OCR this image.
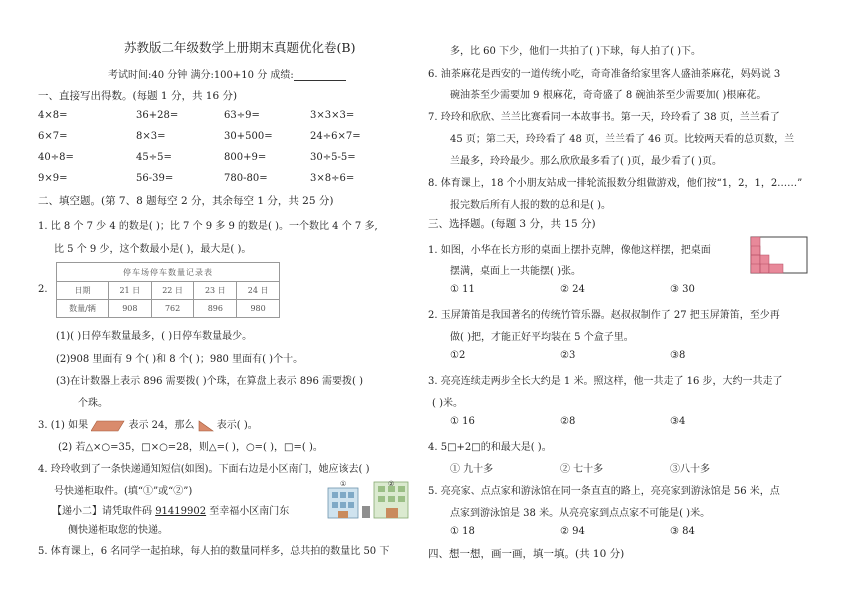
苏教版二年级数学上册期末真题优化卷(B)
考试时间:40 分钟 满分:100+10 分 成绩:
一、直接写出得数。(每题 1 分，共 16 分)
4×8=	36+28=	63÷9=	3×3×3=
6×7=	8×3=	30+500=	24÷6×7=
40÷8=	45÷5=	800+9=	30÷5-5=
9×9=	56-39=	780-80=	3×8÷6=
二、填空题。(第 7、8 题每空 2 分，其余每空 1 分，共 25 分)
1. 比 8 个 7 少 4 的数是( )；比 7 个 9 多 9 的数是( )。一个数比 4 个 7 多,
比 5 个 9 少，这个数最小是( )，最大是( )。
2.
停车场停车数量记录表				
日期	21 日	22 日	23 日	24 日
数量/辆	908	762	896	980
(1)( )日停车数量最多，( )日停车数量最少。
(2)908 里面有 9 个( )和 8 个( )；980 里面有( )个十。
(3)在计数器上表示 896 需要拨( )个珠，在算盘上表示 896 需要拨( )
个珠。
3. (1) 如果	表示 24，那么 表示( )。
(2) 若△×○=35，□×○=28，则△=( )，○=( )，□=( )。
4. 玲玲收到了一条快递通知短信(如图)。下面右边是小区南门，她应该去( )
号快递柜取件。(填“①”或“②”)
【递小二】请凭取件码 91419902 至幸福小区南门东
侧快递柜取您的快递。
①	②
5. 体育课上，6 名同学一起拍球，每人拍的数量同样多，总共拍的数量比 50 下
多，比 60 下少，他们一共拍了( )下球，每人拍了( )下。
6. 油茶麻花是西安的一道传统小吃，奇奇准备给家里客人盛油茶麻花，妈妈说 3
碗油茶至少需要加 9 根麻花，奇奇盛了 8 碗油茶至少需要加( )根麻花。
7. 玲玲和欣欣、兰兰比赛看同一本故事书。第一天，玲玲看了 38 页，兰兰看了
45 页；第二天，玲玲看了 48 页，兰兰看了 46 页。比较两天看的总页数，兰
兰最多，玲玲最少。那么欣欣最多看了( )页，最少看了( )页。
8. 体育课上，18 个小朋友站成一排轮流报数分组做游戏，他们按“1，2，1，2……”
报完数后所有人报的数的总和是( )。
三、选择题。(每题 3 分，共 15 分)
1. 如图，小华在长方形的桌面上摆扑克牌，像他这样摆，把桌面
摆满，桌面上一共能摆( )张。
① 11	② 24	③ 30
2. 玉屏箫笛是我国著名的传统竹管乐器。赵叔叔制作了 27 把玉屏箫笛，至少再
做( )把，才能正好平均装在 5 个盒子里。
①2	②3	③8
3. 亮亮连续走两步全长大约是 1 米。照这样，他一共走了 16 步，大约一共走了
( )米。
① 16	②8	③4
4. 5□+2□的和最大是( )。
① 九十多	② 七十多	③八十多
5. 亮亮家、点点家和游泳馆在同一条直直的路上，亮亮家到游泳馆是 56 米，点
点家到游泳馆是 38 米。从亮亮家到点点家不可能是( )米。
① 18	② 94	③ 84
四、想一想，画一画，填一填。(共 10 分)
